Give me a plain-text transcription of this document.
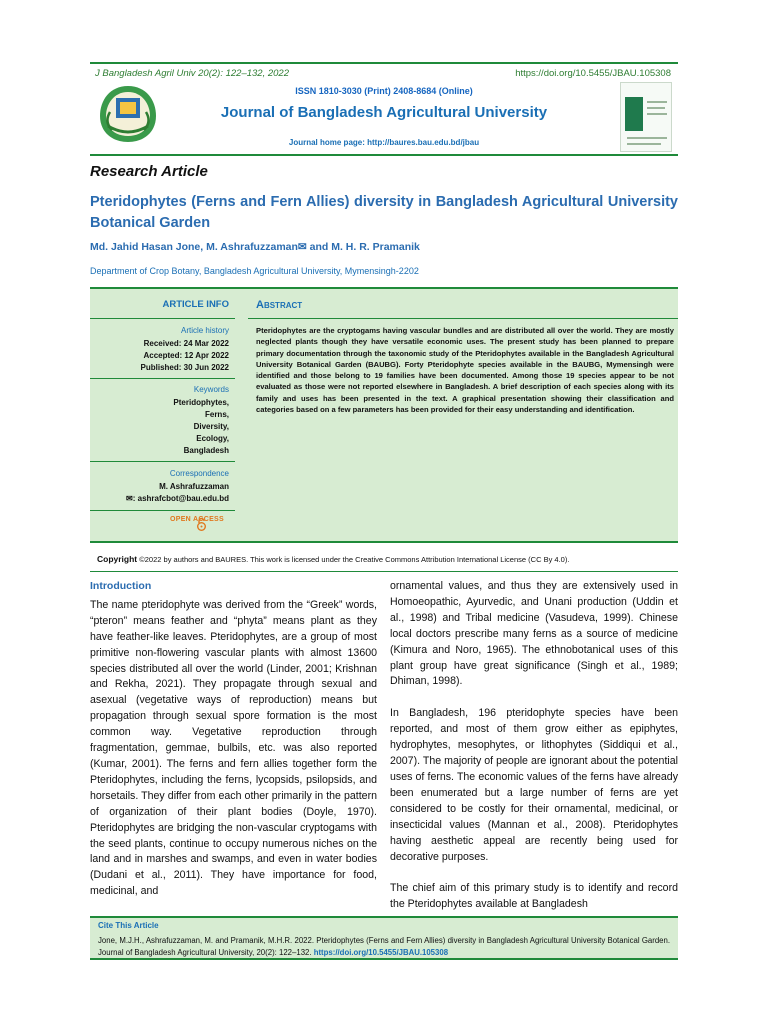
J Bangladesh Agril Univ 20(2): 122–132, 2022	https://doi.org/10.5455/JBAU.105308
ISSN 1810-3030 (Print) 2408-8684 (Online)
Journal of Bangladesh Agricultural University
Journal home page: http://baures.bau.edu.bd/jbau
Research Article
Pteridophytes (Ferns and Fern Allies) diversity in Bangladesh Agricultural University Botanical Garden
Md. Jahid Hasan Jone, M. Ashrafuzzaman✉ and M. H. R. Pramanik
Department of Crop Botany, Bangladesh Agricultural University, Mymensingh-2202
ARTICLE INFO
Article history
Received: 24 Mar 2022
Accepted: 12 Apr 2022
Published: 30 Jun 2022
Keywords
Pteridophytes,
Ferns,
Diversity,
Ecology,
Bangladesh
Correspondence
M. Ashrafuzzaman
✉: ashrafcbot@bau.edu.bd
Abstract
Pteridophytes are the cryptogams having vascular bundles and are distributed all over the world. They are mostly neglected plants though they have versatile economic uses. The present study has been planned to prepare primary documentation through the taxonomic study of the Pteridophytes available in the Bangladesh Agricultural University Botanical Garden (BAUBG). Forty Pteridophyte species available in the BAUBG, Mymensingh were identified and those belong to 19 families have been documented. Among those 19 species appear to be not evaluated as those were not reported elsewhere in Bangladesh. A brief description of each species along with its family and uses has been presented in the text. A graphical presentation showing their classification and categories based on a few parameters has been provided for their easy understanding and identification.
OPEN ACCESS
Copyright ©2022 by authors and BAURES. This work is licensed under the Creative Commons Attribution International License (CC By 4.0).
Introduction
The name pteridophyte was derived from the “Greek” words, “pteron” means feather and “phyta” means plant as they have feather-like leaves. Pteridophytes, are a group of most primitive non-flowering vascular plants with almost 13600 species distributed all over the world (Linder, 2001; Krishnan and Rekha, 2021). They propagate through sexual and asexual (vegetative ways of reproduction) means but propagation through sexual spore formation is the most common way. Vegetative reproduction through fragmentation, gemmae, bulbils, etc. was also reported (Kumar, 2001). The ferns and fern allies together form the Pteridophytes, including the ferns, lycopsids, psilopsids, and horsetails. They differ from each other primarily in the pattern of organization of their plant bodies (Doyle, 1970). Pteridophytes are bridging the non-vascular cryptogams with the seed plants, continue to occupy numerous niches on the land and in marshes and swamps, and even in water bodies (Dudani et al., 2011). They have importance for food, medicinal, and
ornamental values, and thus they are extensively used in Homoeopathic, Ayurvedic, and Unani production (Uddin et al., 1998) and Tribal medicine (Vasudeva, 1999). Chinese local doctors prescribe many ferns as a source of medicine (Kimura and Noro, 1965). The ethnobotanical uses of this plant group have great significance (Singh et al., 1989; Dhiman, 1998).
In Bangladesh, 196 pteridophyte species have been reported, and most of them grow either as epiphytes, hydrophytes, mesophytes, or lithophytes (Siddiqui et al., 2007). The majority of people are ignorant about the potential uses of ferns. The economic values of the ferns have already been enumerated but a large number of ferns are yet considered to be costly for their ornamental, medicinal, or insecticidal values (Mannan et al., 2008). Pteridophytes having aesthetic appeal are recently being used for decorative purposes.
The chief aim of this primary study is to identify and record the Pteridophytes available at Bangladesh
Cite This Article
Jone, M.J.H., Ashrafuzzaman, M. and Pramanik, M.H.R. 2022. Pteridophytes (Ferns and Fern Allies) diversity in Bangladesh Agricultural University Botanical Garden. Journal of Bangladesh Agricultural University, 20(2): 122–132. https://doi.org/10.5455/JBAU.105308
